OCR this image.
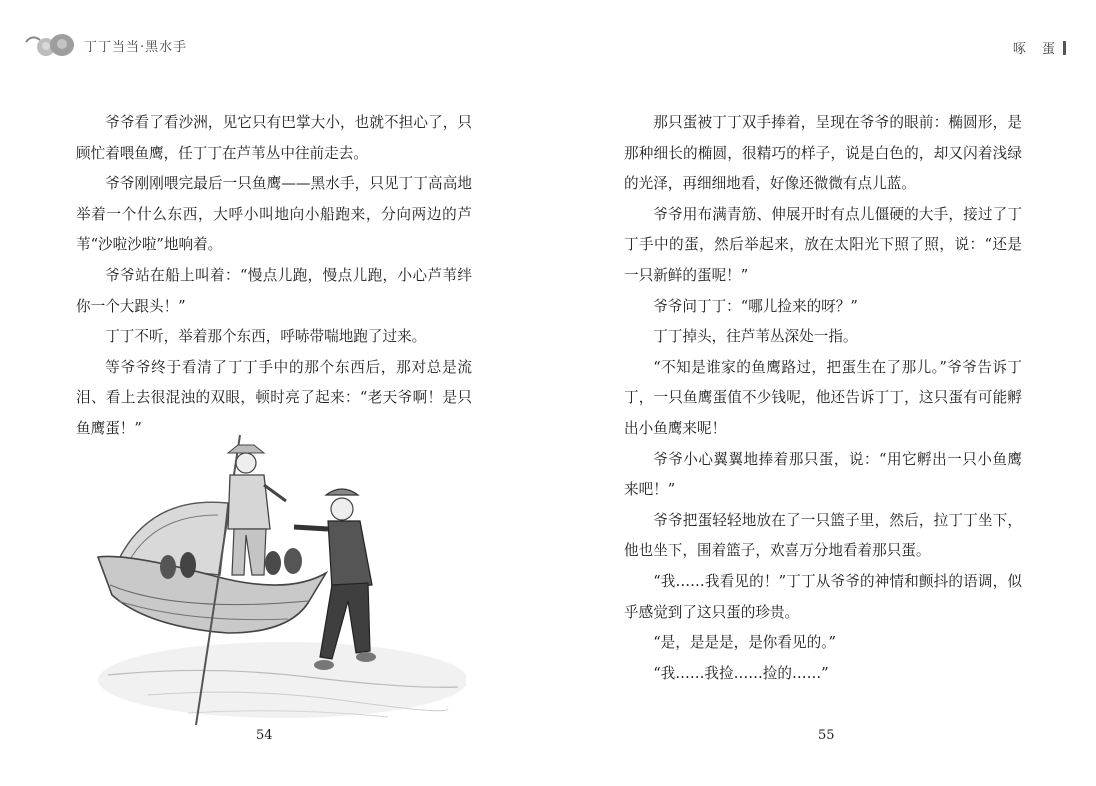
丁丁当当·黑水手	啄 蛋

爷爷看了看沙洲，见它只有巴掌大小，也就不担心了，只顾忙着喂鱼鹰，任丁丁在芦苇丛中往前走去。

爷爷刚刚喂完最后一只鱼鹰——黑水手，只见丁丁高高地举着一个什么东西，大呼小叫地向小船跑来，分向两边的芦苇“沙啦沙啦”地响着。

爷爷站在船上叫着：“慢点儿跑，慢点儿跑，小心芦苇绊你一个大跟头！”

丁丁不听，举着那个东西，呼哧带喘地跑了过来。

等爷爷终于看清了丁丁手中的那个东西后，那对总是流泪、看上去很混浊的双眼，顿时亮了起来：“老天爷啊！是只鱼鹰蛋！”

54

那只蛋被丁丁双手捧着，呈现在爷爷的眼前：椭圆形，是那种细长的椭圆，很精巧的样子，说是白色的，却又闪着浅绿的光泽，再细细地看，好像还微微有点儿蓝。

爷爷用布满青筋、伸展开时有点儿僵硬的大手，接过了丁丁手中的蛋，然后举起来，放在太阳光下照了照，说：“还是一只新鲜的蛋呢！”

爷爷问丁丁：“哪儿捡来的呀？”

丁丁掉头，往芦苇丛深处一指。

“不知是谁家的鱼鹰路过，把蛋生在了那儿。”爷爷告诉丁丁，一只鱼鹰蛋值不少钱呢，他还告诉丁丁，这只蛋有可能孵出小鱼鹰来呢！

爷爷小心翼翼地捧着那只蛋，说：“用它孵出一只小鱼鹰来吧！”

爷爷把蛋轻轻地放在了一只篮子里，然后，拉丁丁坐下，他也坐下，围着篮子，欢喜万分地看着那只蛋。

“我……我看见的！”丁丁从爷爷的神情和颤抖的语调，似乎感觉到了这只蛋的珍贵。

“是，是是是，是你看见的。”

“我……我捡……捡的……”

55
